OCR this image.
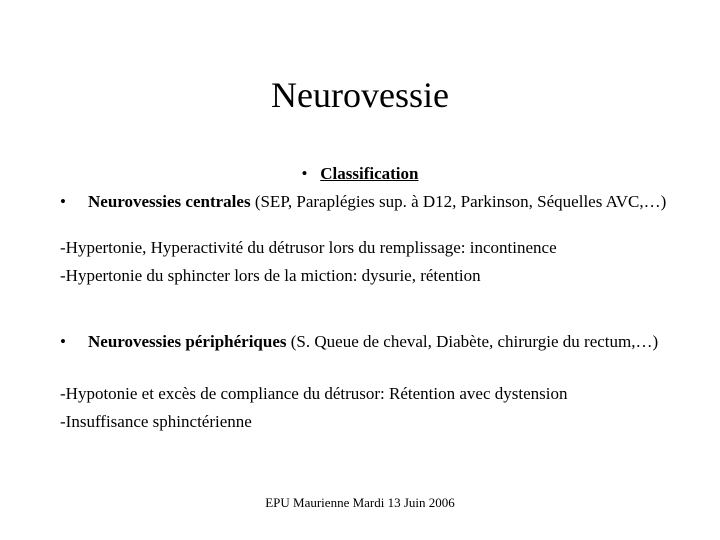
Neurovessie
• Classification
• Neurovessies centrales (SEP, Paraplégies sup. à D12, Parkinson, Séquelles AVC,…)
-Hypertonie, Hyperactivité du détrusor lors du remplissage: incontinence
-Hypertonie du sphincter lors de la miction: dysurie, rétention
• Neurovessies périphériques (S. Queue de cheval, Diabète, chirurgie du rectum,…)
-Hypotonie et excès de compliance du détrusor: Rétention avec dystension
-Insuffisance sphinctérienne
EPU Maurienne Mardi 13 Juin 2006
